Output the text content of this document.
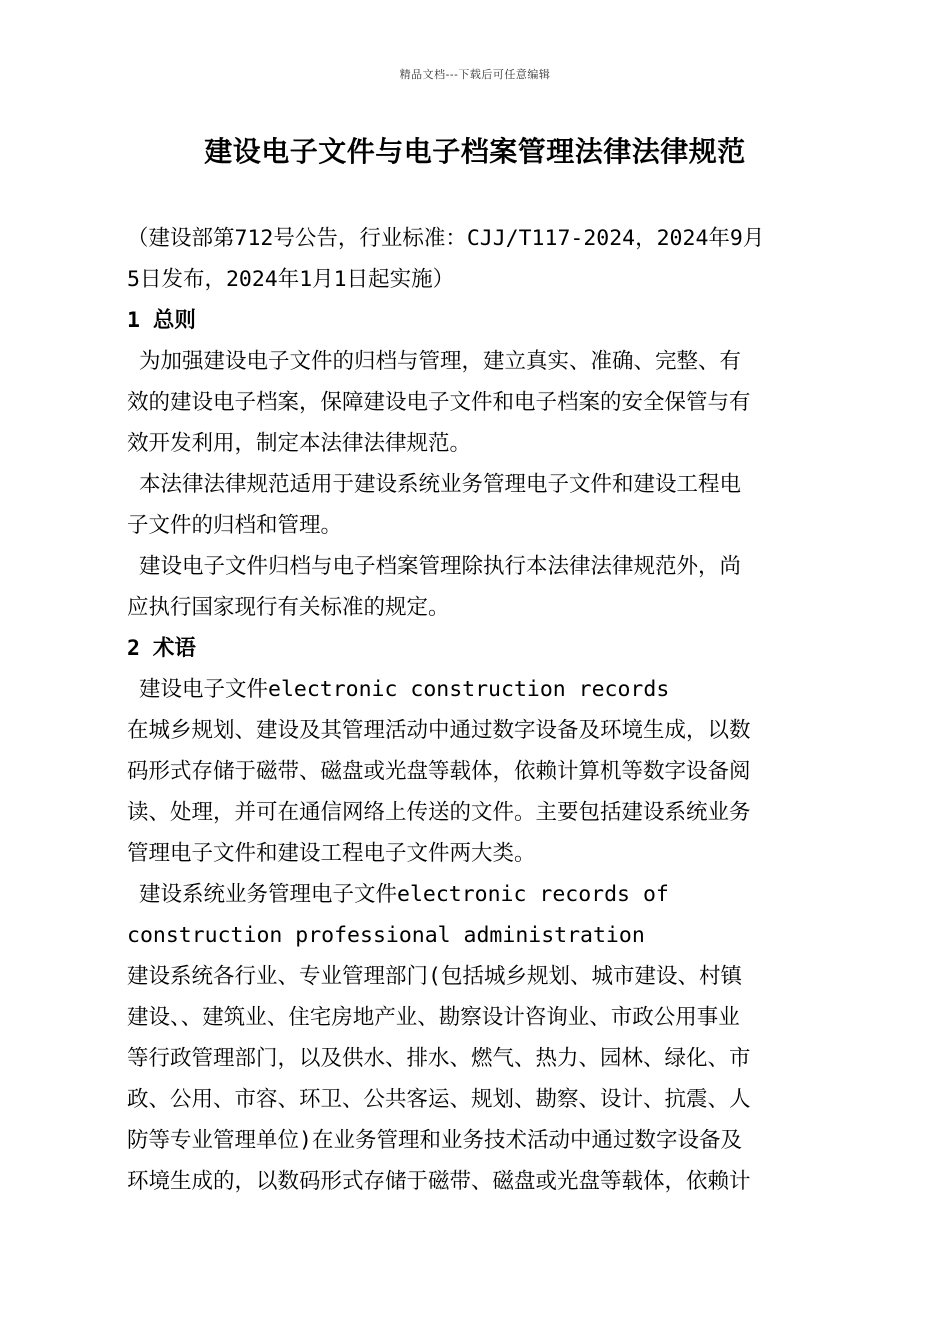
精品文档---下载后可任意编辑
建设电子文件与电子档案管理法律法律规范
（建设部第712号公告，行业标准：CJJ/T117-2024，2024年9月
5日发布，2024年1月1日起实施）
1 总则
为加强建设电子文件的归档与管理，建立真实、准确、完整、有
效的建设电子档案，保障建设电子文件和电子档案的安全保管与有
效开发利用，制定本法律法律规范。
本法律法律规范适用于建设系统业务管理电子文件和建设工程电
子文件的归档和管理。
建设电子文件归档与电子档案管理除执行本法律法律规范外，尚
应执行国家现行有关标准的规定。
2 术语
建设电子文件electronic construction records
在城乡规划、建设及其管理活动中通过数字设备及环境生成，以数
码形式存储于磁带、磁盘或光盘等载体，依赖计算机等数字设备阅
读、处理，并可在通信网络上传送的文件。主要包括建设系统业务
管理电子文件和建设工程电子文件两大类。
建设系统业务管理电子文件electronic records of
construction professional administration
建设系统各行业、专业管理部门(包括城乡规划、城市建设、村镇
建设、、建筑业、住宅房地产业、勘察设计咨询业、市政公用事业
等行政管理部门，以及供水、排水、燃气、热力、园林、绿化、市
政、公用、市容、环卫、公共客运、规划、勘察、设计、抗震、人
防等专业管理单位)在业务管理和业务技术活动中通过数字设备及
环境生成的，以数码形式存储于磁带、磁盘或光盘等载体，依赖计
